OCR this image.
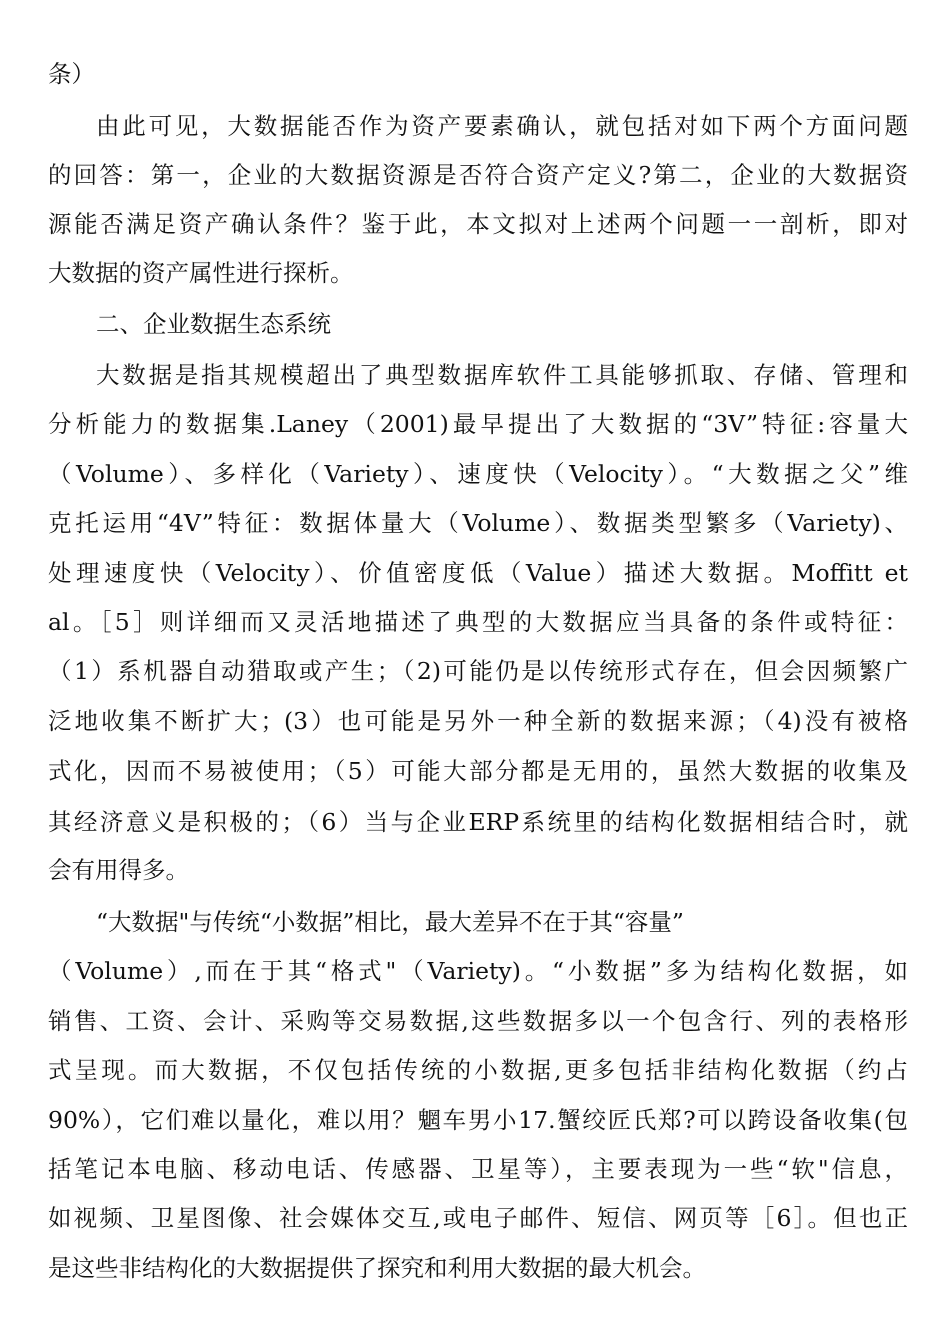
条）
由此可见，大数据能否作为资产要素确认，就包括对如下两个方面问题
的回答：第一，企业的大数据资源是否符合资产定义?第二，企业的大数据资
源能否满足资产确认条件？鉴于此，本文拟对上述两个问题一一剖析，即对
大数据的资产属性进行探析。
二、企业数据生态系统
大数据是指其规模超出了典型数据库软件工具能够抓取、存储、管理和
分析能力的数据集.Laney（2001)最早提出了大数据的“3V”特征:容量大
（Volume）、多样化（Variety）、速度快（Velocity）。“大数据之父”维
克托运用“4V”特征：数据体量大（Volume）、数据类型繁多（Variety)、
处理速度快（Velocity）、价值密度低（Value）描述大数据。Moffitt et
al。［5］则详细而又灵活地描述了典型的大数据应当具备的条件或特征：
（1）系机器自动猎取或产生；（2)可能仍是以传统形式存在，但会因频繁广
泛地收集不断扩大；(3）也可能是另外一种全新的数据来源；（4)没有被格
式化，因而不易被使用；（5）可能大部分都是无用的，虽然大数据的收集及
其经济意义是积极的；（6）当与企业ERP系统里的结构化数据相结合时，就
会有用得多。
“大数据"与传统“小数据”相比，最大差异不在于其“容量”
（Volume）,而在于其“格式"（Variety)。“小数据”多为结构化数据，如
销售、工资、会计、采购等交易数据,这些数据多以一个包含行、列的表格形
式呈现。而大数据，不仅包括传统的小数据,更多包括非结构化数据（约占
90%），它们难以量化，难以用？魍车男小17.蟹绞匠氏郑?可以跨设备收集(包
括笔记本电脑、移动电话、传感器、卫星等），主要表现为一些“软"信息，
如视频、卫星图像、社会媒体交互,或电子邮件、短信、网页等［6］。但也正
是这些非结构化的大数据提供了探究和利用大数据的最大机会。
